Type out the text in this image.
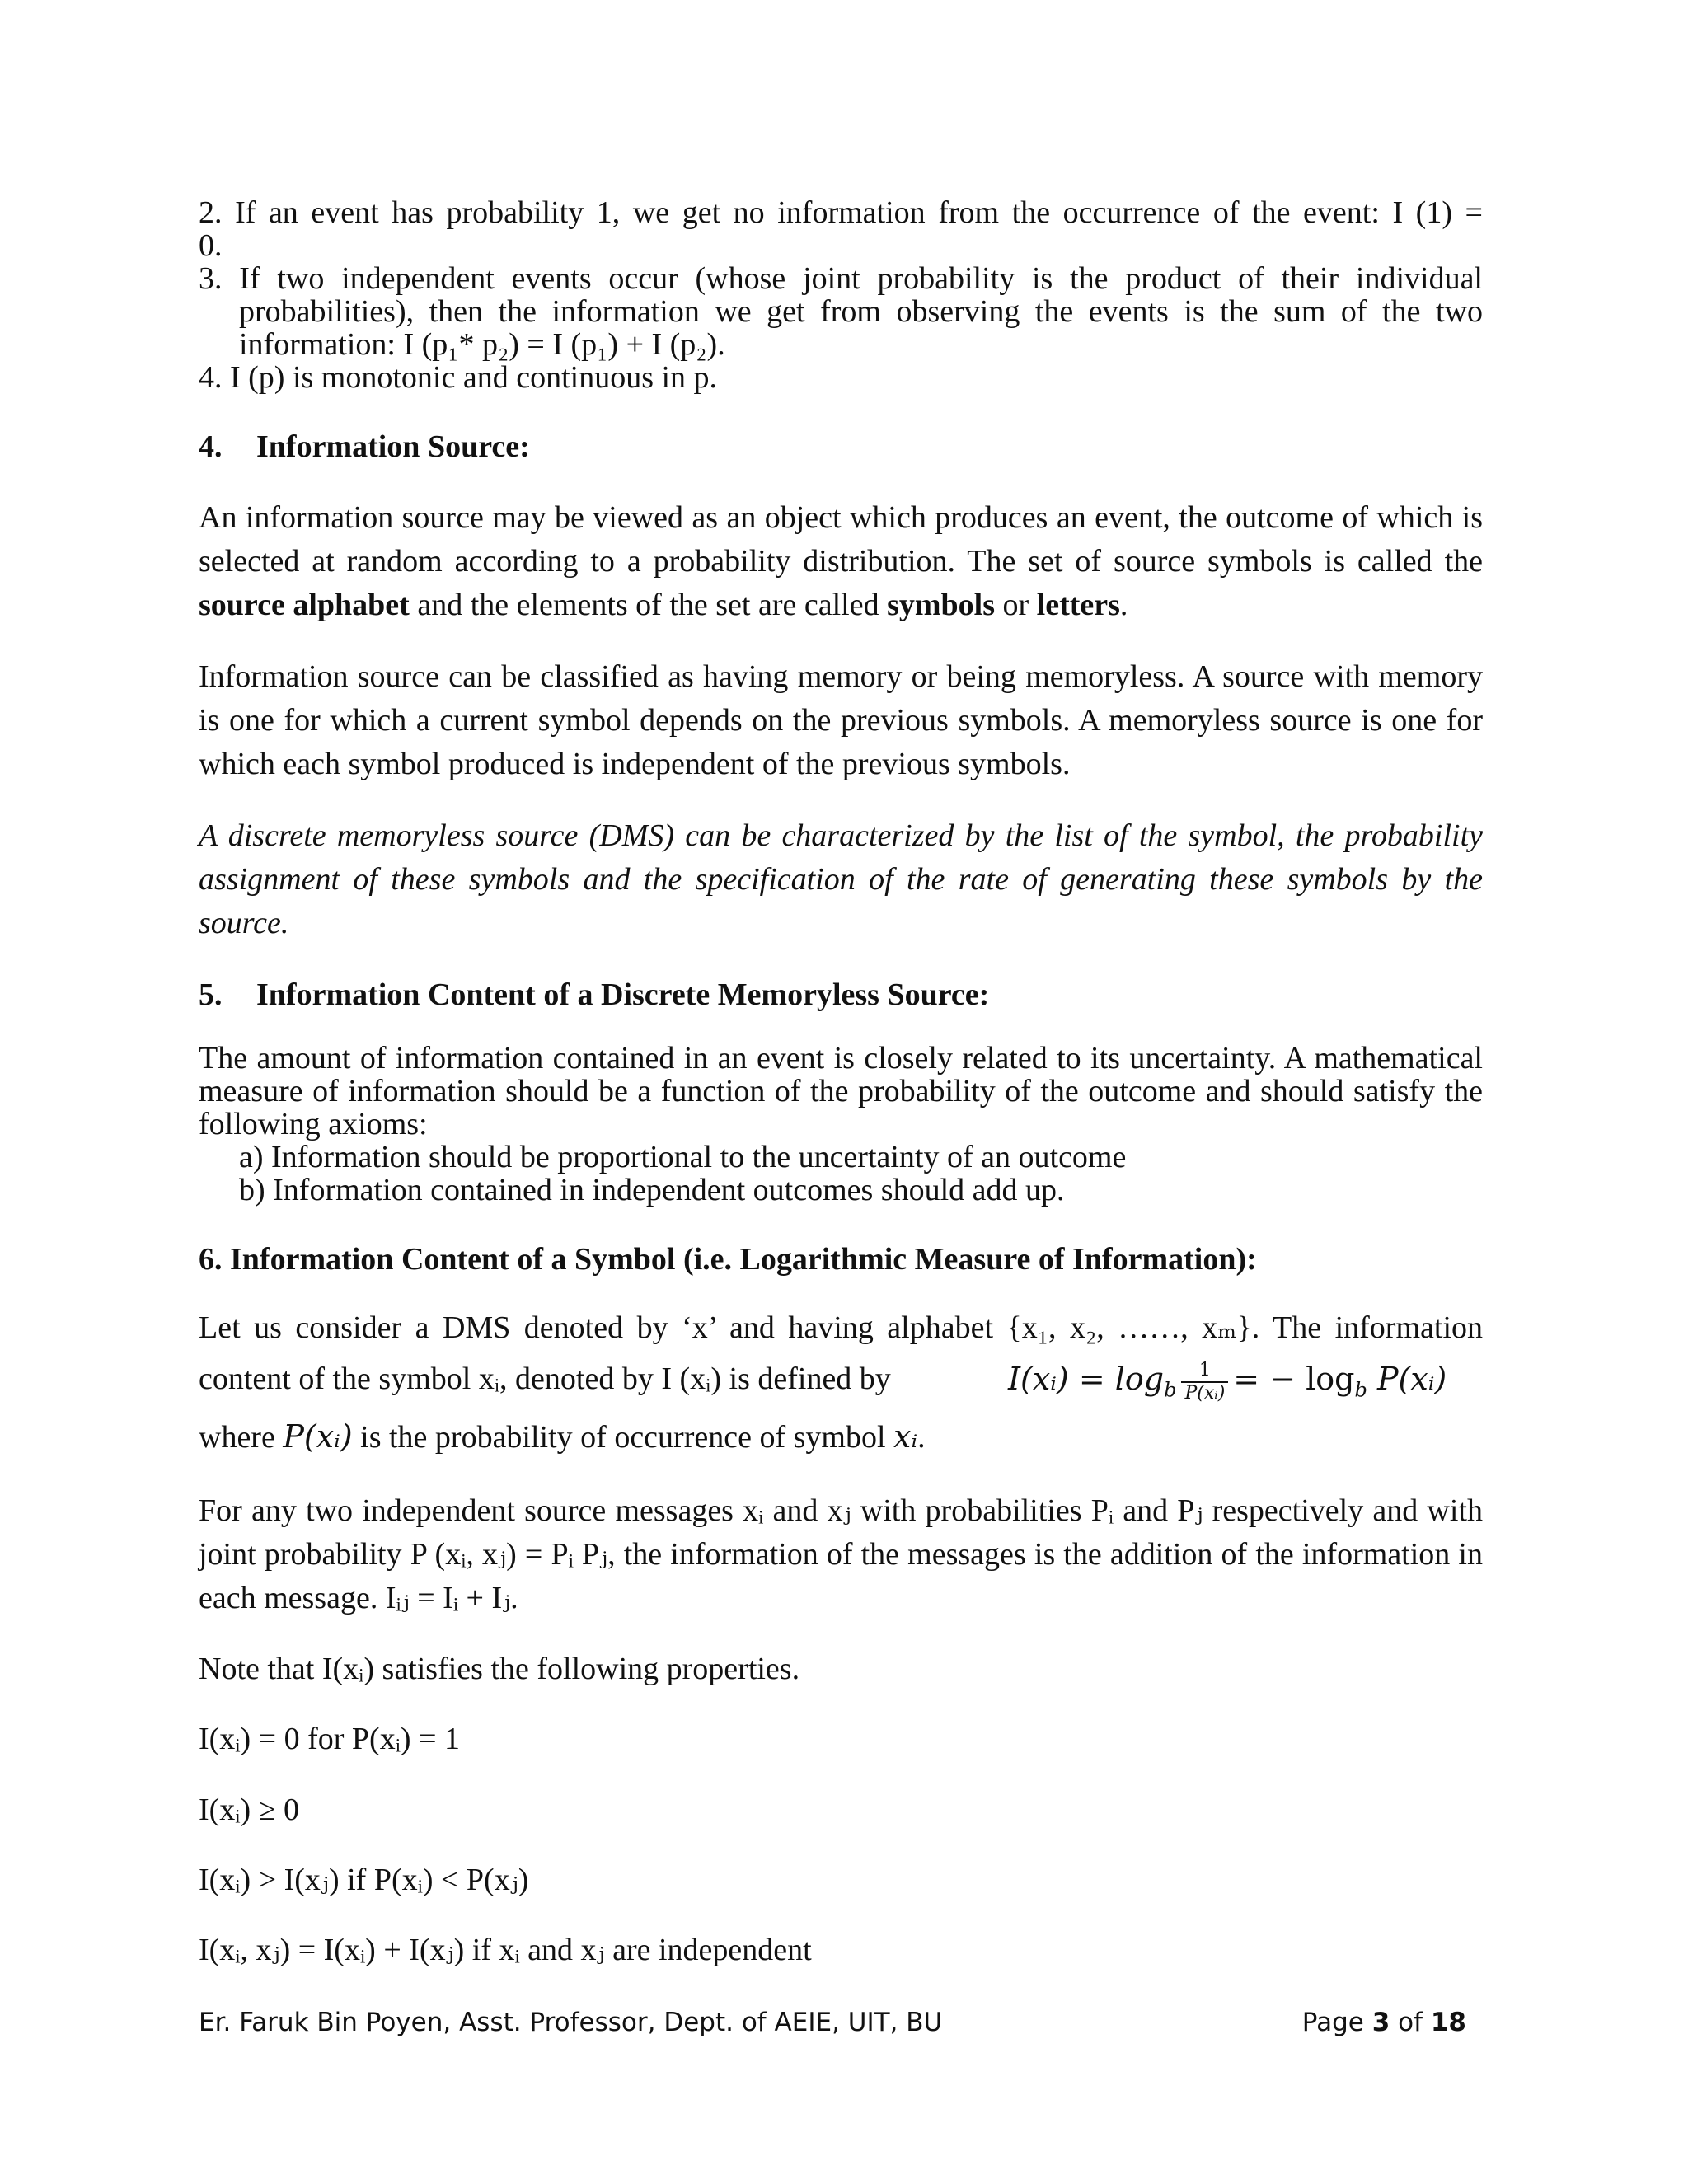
2. If an event has probability 1, we get no information from the occurrence of the event: I (1) =

0.

3. If two independent events occur (whose joint probability is the product of their individual

probabilities), then the information we get from observing the events is the sum of the two

information: I (p₁* p₂) = I (p₁) + I (p₂).

4. I (p) is monotonic and continuous in p.

4. Information Source:

An information source may be viewed as an object which produces an event, the outcome of which is selected at random according to a probability distribution. The set of source symbols is called the source alphabet and the elements of the set are called symbols or letters.

Information source can be classified as having memory or being memoryless. A source with memory is one for which a current symbol depends on the previous symbols. A memoryless source is one for which each symbol produced is independent of the previous symbols.

A discrete memoryless source (DMS) can be characterized by the list of the symbol, the probability assignment of these symbols and the specification of the rate of generating these symbols by the source.

5. Information Content of a Discrete Memoryless Source:

The amount of information contained in an event is closely related to its uncertainty. A mathematical measure of information should be a function of the probability of the outcome and should satisfy the following axioms:

a) Information should be proportional to the uncertainty of an outcome

b) Information contained in independent outcomes should add up.

6. Information Content of a Symbol (i.e. Logarithmic Measure of Information):

Let us consider a DMS denoted by ‘x’ and having alphabet {x₁, x₂, ……, xₘ}. The information

content of the symbol xᵢ, denoted by I (xᵢ) is defined by	I(xᵢ) = $\log_b \frac{1}{\text{P(xᵢ)}}$ = − $\log_b$ P(xᵢ)

where P(xᵢ) is the probability of occurrence of symbol xᵢ.

For any two independent source messages xᵢ and xⱼ with probabilities Pᵢ and Pⱼ respectively and with joint probability P (xᵢ, xⱼ) = Pᵢ Pⱼ, the information of the messages is the addition of the information in each message. Iᵢⱼ = Iᵢ + Iⱼ.

Note that I(xᵢ) satisfies the following properties.

I(xᵢ) = 0 for P(xᵢ) = 1

I(xᵢ) ≥ 0

I(xᵢ) > I(xⱼ) if P(xᵢ) < P(xⱼ)

I(xᵢ, xⱼ) = I(xᵢ) + I(xⱼ) if xᵢ and xⱼ are independent

Er. Faruk Bin Poyen, Asst. Professor, Dept. of AEIE, UIT, BU	Page 3 of 18
